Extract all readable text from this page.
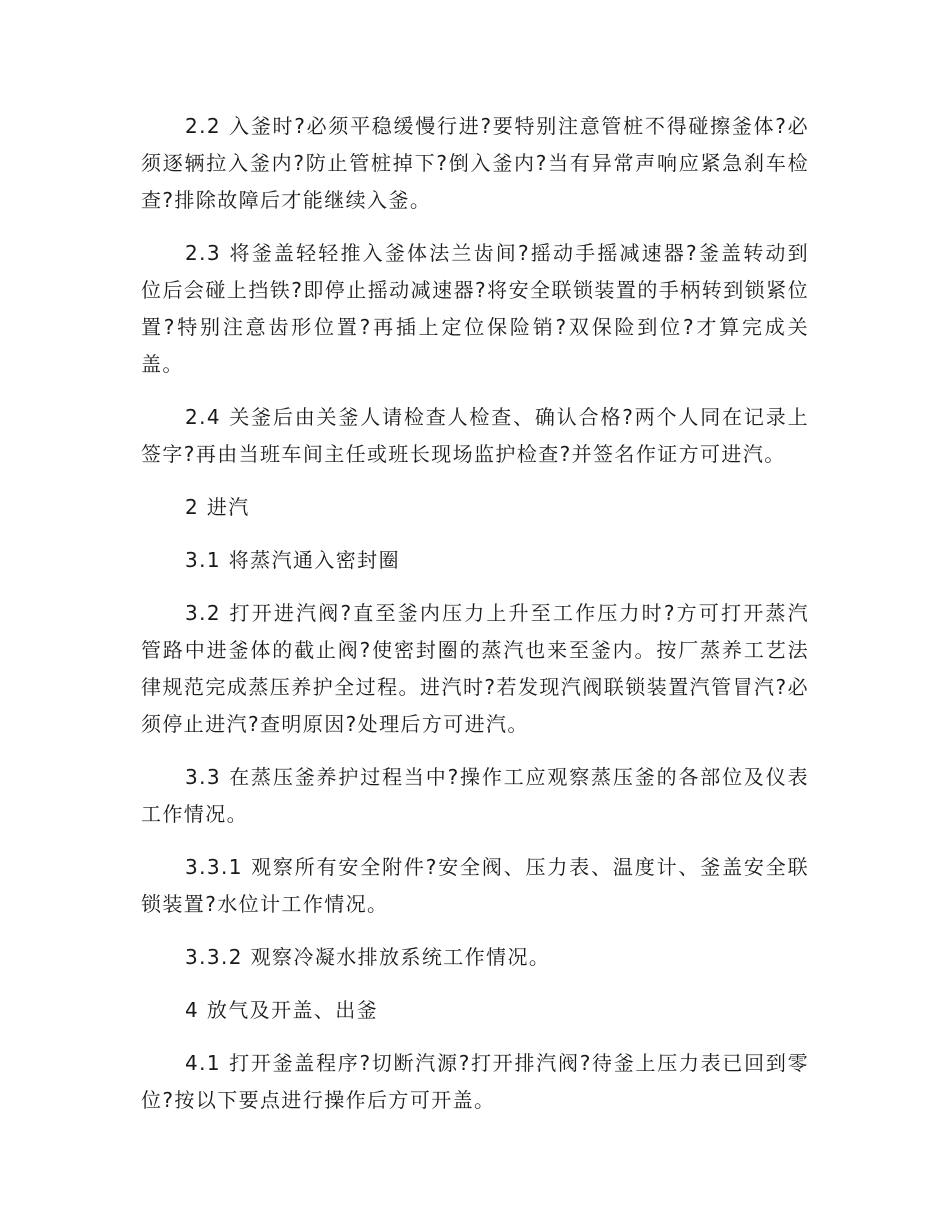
2.2 入釜时?必须平稳缓慢行进?要特别注意管桩不得碰擦釜体?必须逐辆拉入釜内?防止管桩掉下?倒入釜内?当有异常声响应紧急刹车检查?排除故障后才能继续入釜。

2.3 将釜盖轻轻推入釜体法兰齿间?摇动手摇减速器?釜盖转动到位后会碰上挡铁?即停止摇动减速器?将安全联锁装置的手柄转到锁紧位置?特别注意齿形位置?再插上定位保险销?双保险到位?才算完成关盖。

2.4 关釜后由关釜人请检查人检查、确认合格?两个人同在记录上签字?再由当班车间主任或班长现场监护检查?并签名作证方可进汽。

2 进汽

3.1 将蒸汽通入密封圈

3.2 打开进汽阀?直至釜内压力上升至工作压力时?方可打开蒸汽管路中进釜体的截止阀?使密封圈的蒸汽也来至釜内。按厂蒸养工艺法律规范完成蒸压养护全过程。进汽时?若发现汽阀联锁装置汽管冒汽?必须停止进汽?查明原因?处理后方可进汽。

3.3 在蒸压釜养护过程当中?操作工应观察蒸压釜的各部位及仪表工作情况。

3.3.1 观察所有安全附件?安全阀、压力表、温度计、釜盖安全联锁装置?水位计工作情况。

3.3.2 观察冷凝水排放系统工作情况。

4 放气及开盖、出釜

4.1 打开釜盖程序?切断汽源?打开排汽阀?待釜上压力表已回到零位?按以下要点进行操作后方可开盖。
